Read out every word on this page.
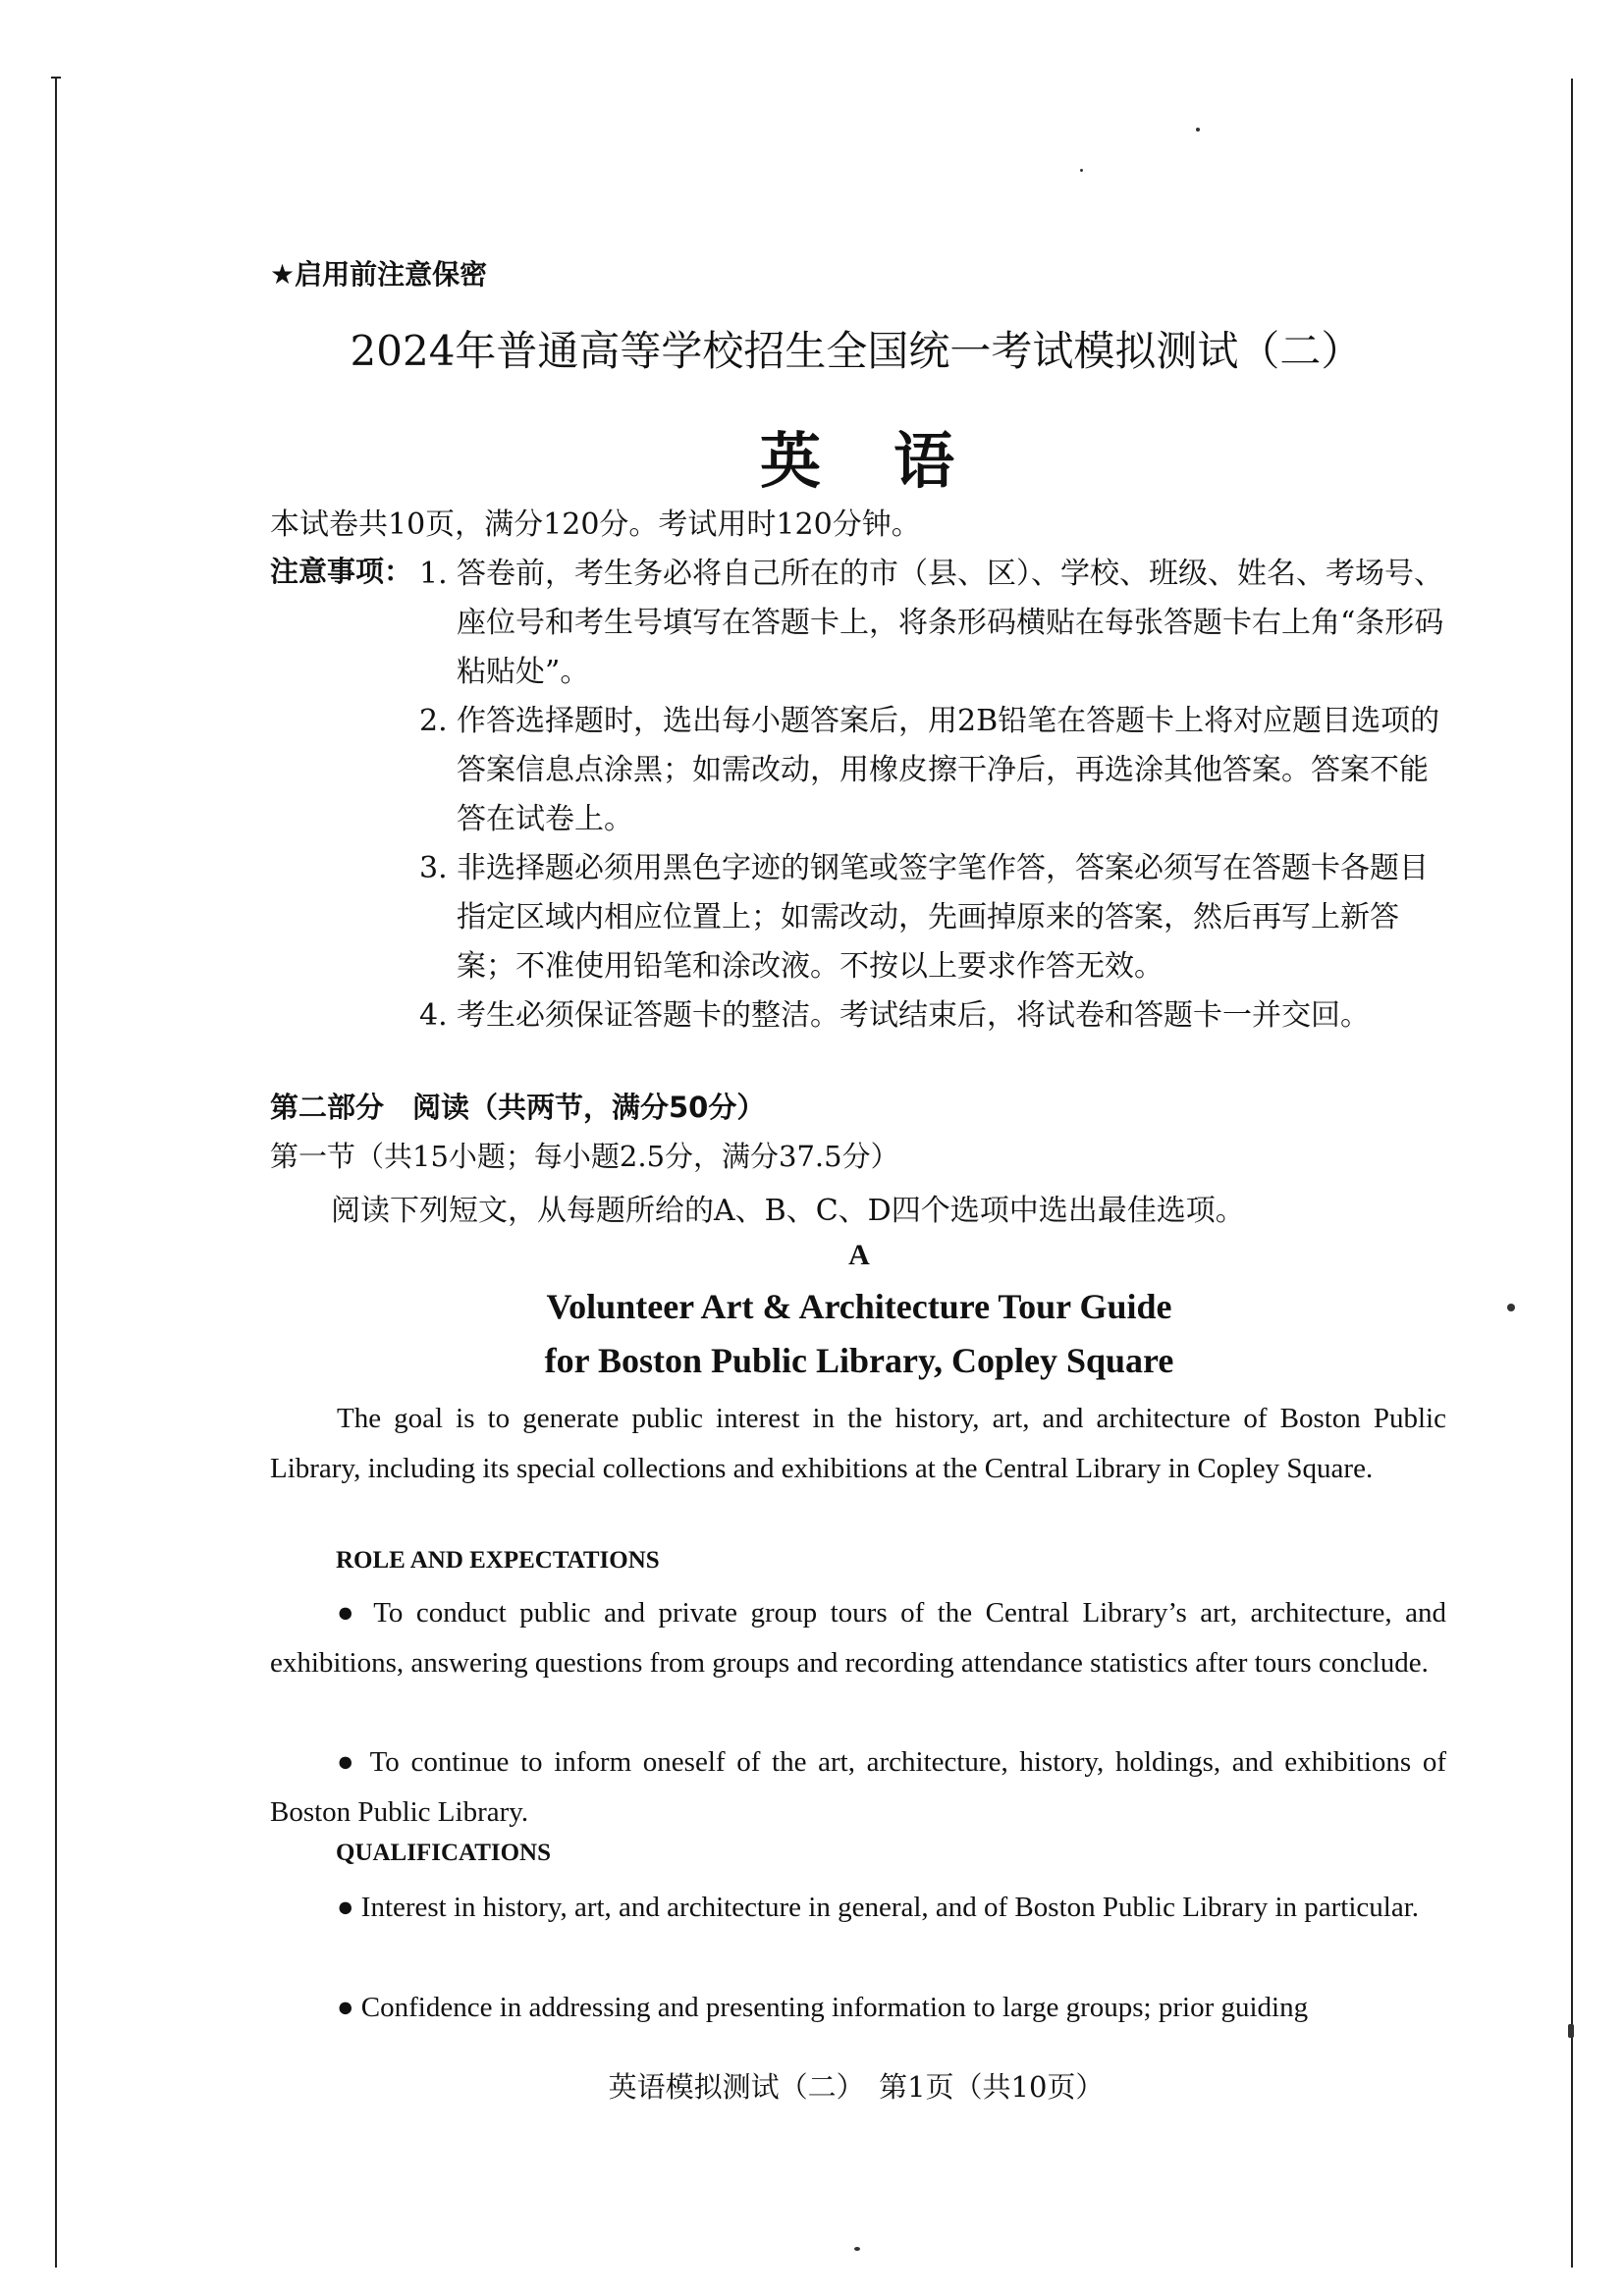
★启用前注意保密
2024年普通高等学校招生全国统一考试模拟测试（二）
英 语
本试卷共10页，满分120分。考试用时120分钟。
注意事项： 1. 答卷前，考生务必将自己所在的市（县、区）、学校、班级、姓名、考场号、座位号和考生号填写在答题卡上，将条形码横贴在每张答题卡右上角“条形码粘贴处”。
2. 作答选择题时，选出每小题答案后，用2B铅笔在答题卡上将对应题目选项的答案信息点涂黑；如需改动，用橡皮擦干净后，再选涂其他答案。答案不能答在试卷上。
3. 非选择题必须用黑色字迹的钢笔或签字笔作答，答案必须写在答题卡各题目指定区域内相应位置上；如需改动，先画掉原来的答案，然后再写上新答案；不准使用铅笔和涂改液。不按以上要求作答无效。
4. 考生必须保证答题卡的整洁。考试结束后，将试卷和答题卡一并交回。
第二部分　阅读（共两节，满分50分）
第一节（共15小题；每小题2.5分，满分37.5分）
阅读下列短文，从每题所给的A、B、C、D四个选项中选出最佳选项。
A
Volunteer Art & Architecture Tour Guide
for Boston Public Library, Copley Square

The goal is to generate public interest in the history, art, and architecture of Boston Public Library, including its special collections and exhibitions at the Central Library in Copley Square.

ROLE AND EXPECTATIONS

● To conduct public and private group tours of the Central Library’s art, architecture, and exhibitions, answering questions from groups and recording attendance statistics after tours conclude.

● To continue to inform oneself of the art, architecture, history, holdings, and exhibitions of Boston Public Library.

QUALIFICATIONS

● Interest in history, art, and architecture in general, and of Boston Public Library in particular.

● Confidence in addressing and presenting information to large groups; prior guiding

英语模拟测试（二）　第1页（共10页）
